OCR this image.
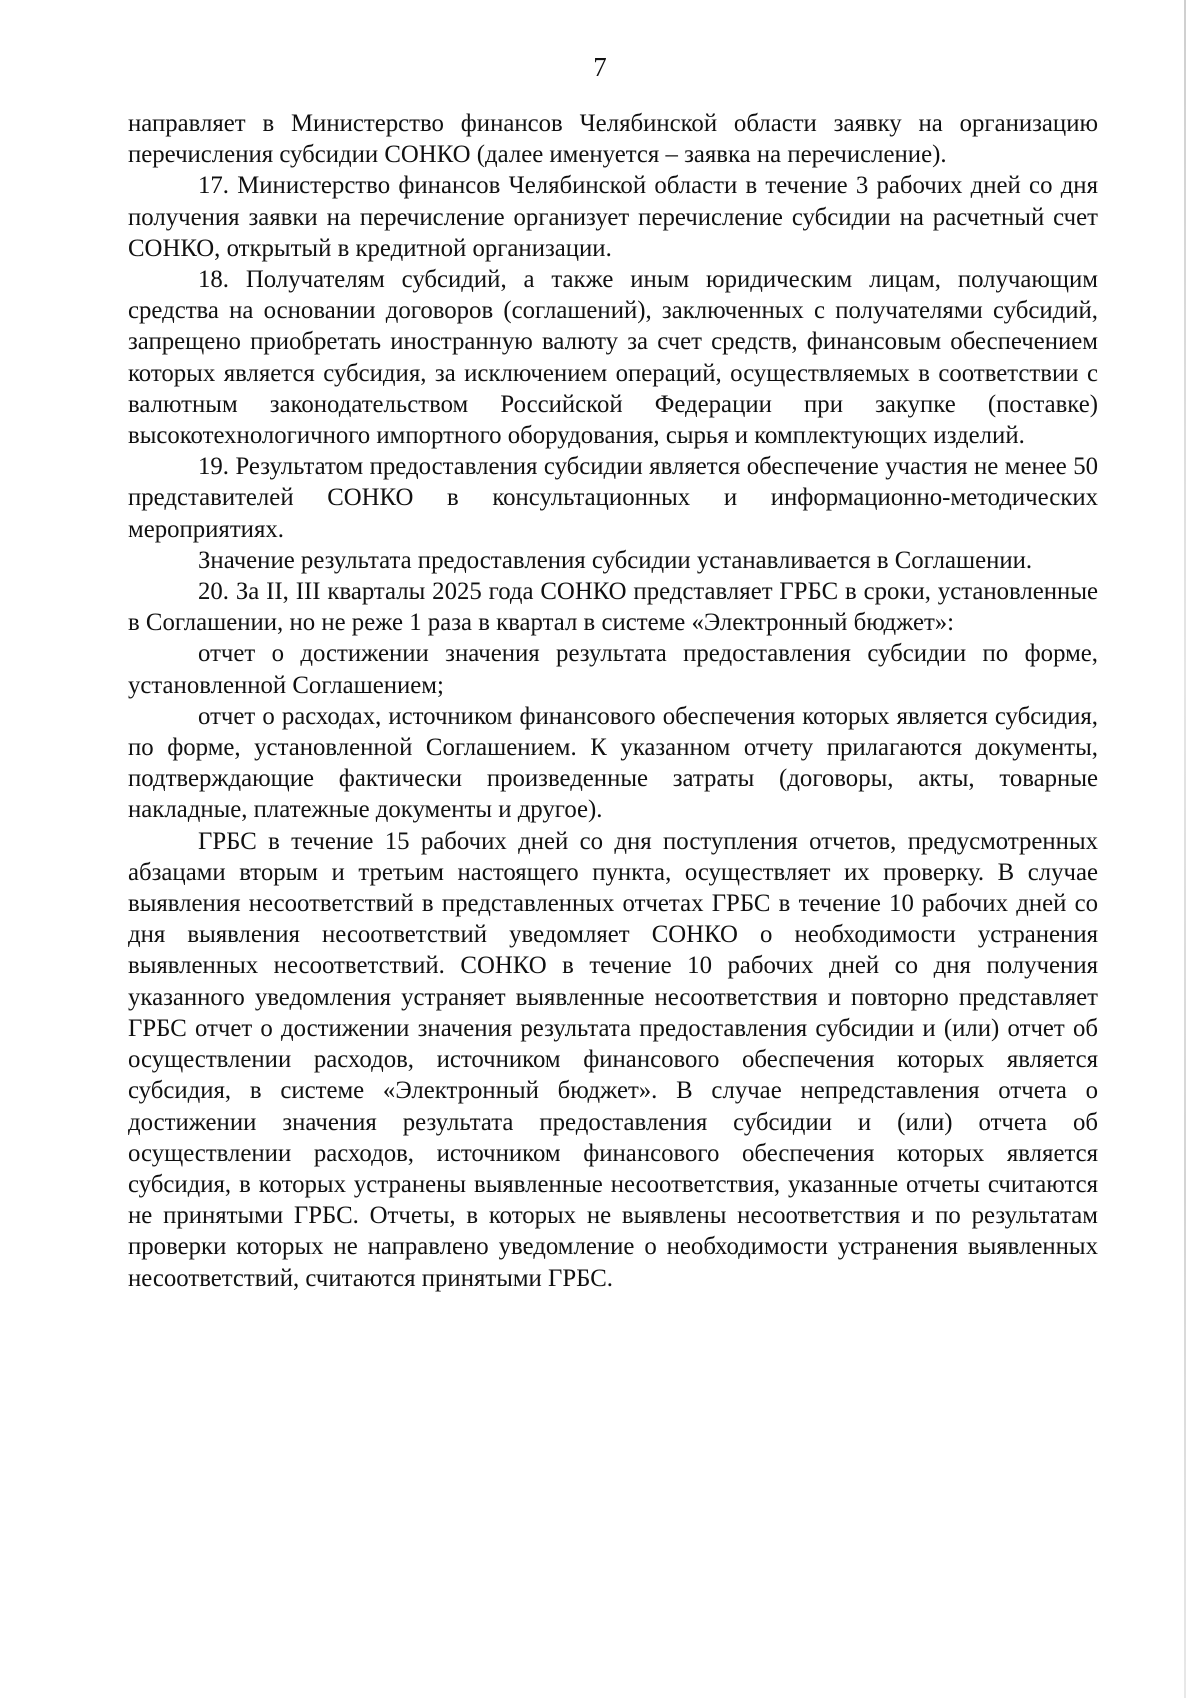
7

направляет в Министерство финансов Челябинской области заявку на организацию перечисления субсидии СОНКО (далее именуется – заявка на перечисление).

17. Министерство финансов Челябинской области в течение 3 рабочих дней со дня получения заявки на перечисление организует перечисление субсидии на расчетный счет СОНКО, открытый в кредитной организации.

18. Получателям субсидий, а также иным юридическим лицам, получающим средства на основании договоров (соглашений), заключенных с получателями субсидий, запрещено приобретать иностранную валюту за счет средств, финансовым обеспечением которых является субсидия, за исключением операций, осуществляемых в соответствии с валютным законодательством Российской Федерации при закупке (поставке) высокотехнологичного импортного оборудования, сырья и комплектующих изделий.

19. Результатом предоставления субсидии является обеспечение участия не менее 50 представителей СОНКО в консультационных и информационно-методических мероприятиях.

Значение результата предоставления субсидии устанавливается в Соглашении.

20. За II, III кварталы 2025 года СОНКО представляет ГРБС в сроки, установленные в Соглашении, но не реже 1 раза в квартал в системе «Электронный бюджет»:

отчет о достижении значения результата предоставления субсидии по форме, установленной Соглашением;

отчет о расходах, источником финансового обеспечения которых является субсидия, по форме, установленной Соглашением. К указанном отчету прилагаются документы, подтверждающие фактически произведенные затраты (договоры, акты, товарные накладные, платежные документы и другое).

ГРБС в течение 15 рабочих дней со дня поступления отчетов, предусмотренных абзацами вторым и третьим настоящего пункта, осуществляет их проверку. В случае выявления несоответствий в представленных отчетах ГРБС в течение 10 рабочих дней со дня выявления несоответствий уведомляет СОНКО о необходимости устранения выявленных несоответствий. СОНКО в течение 10 рабочих дней со дня получения указанного уведомления устраняет выявленные несоответствия и повторно представляет ГРБС отчет о достижении значения результата предоставления субсидии и (или) отчет об осуществлении расходов, источником финансового обеспечения которых является субсидия, в системе «Электронный бюджет». В случае непредставления отчета о достижении значения результата предоставления субсидии и (или) отчета об осуществлении расходов, источником финансового обеспечения которых является субсидия, в которых устранены выявленные несоответствия, указанные отчеты считаются не принятыми ГРБС. Отчеты, в которых не выявлены несоответствия и по результатам проверки которых не направлено уведомление о необходимости устранения выявленных несоответствий, считаются принятыми ГРБС.
